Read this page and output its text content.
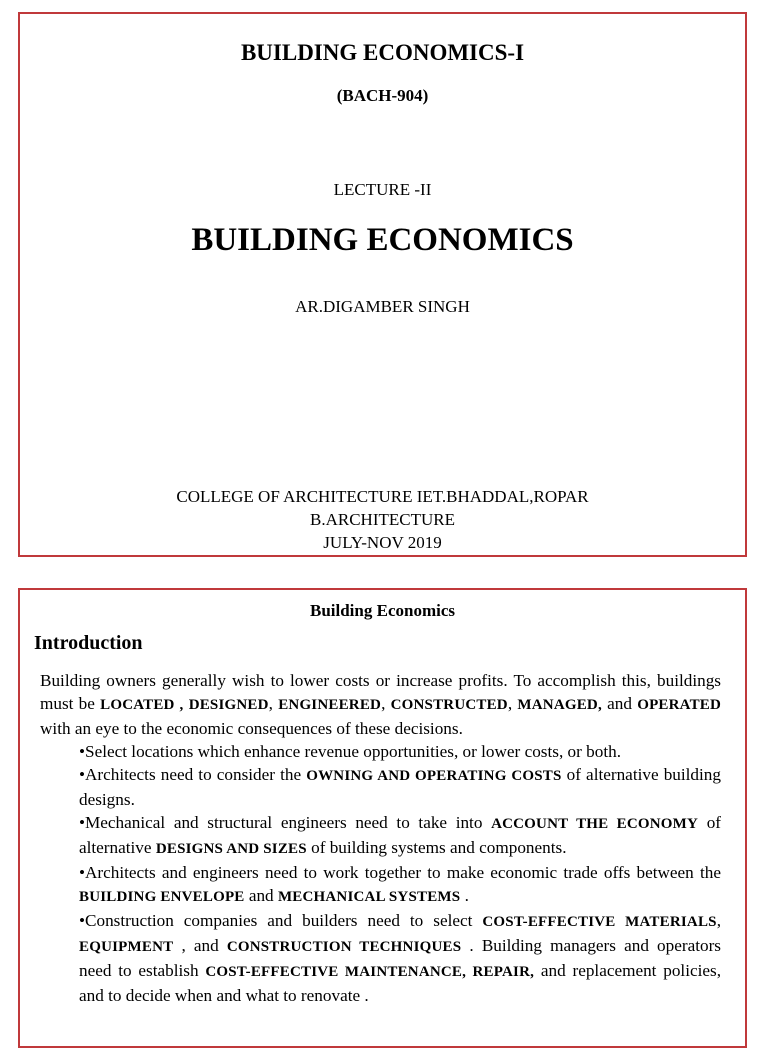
BUILDING ECONOMICS-I
(BACH-904)
LECTURE -II
BUILDING ECONOMICS
AR.DIGAMBER SINGH
COLLEGE OF ARCHITECTURE IET.BHADDAL,ROPAR
B.ARCHITECTURE
JULY-NOV 2019
Building Economics
Introduction

Building owners generally wish to lower costs or increase profits. To accomplish this, buildings must be LOCATED , DESIGNED, ENGINEERED, CONSTRUCTED, MANAGED, and OPERATED with an eye to the economic consequences of these decisions.

•Select locations which enhance revenue opportunities, or lower costs, or both.

•Architects need to consider the OWNING AND OPERATING COSTS of alternative building designs.

•Mechanical and structural engineers need to take into ACCOUNT THE ECONOMY of alternative DESIGNS AND SIZES of building systems and components.

•Architects and engineers need to work together to make economic trade offs between the BUILDING ENVELOPE and MECHANICAL SYSTEMS .

•Construction companies and builders need to select COST-EFFECTIVE MATERIALS, EQUIPMENT , and CONSTRUCTION TECHNIQUES . Building managers and operators need to establish COST-EFFECTIVE MAINTENANCE, REPAIR, and replacement policies, and to decide when and what to renovate .
